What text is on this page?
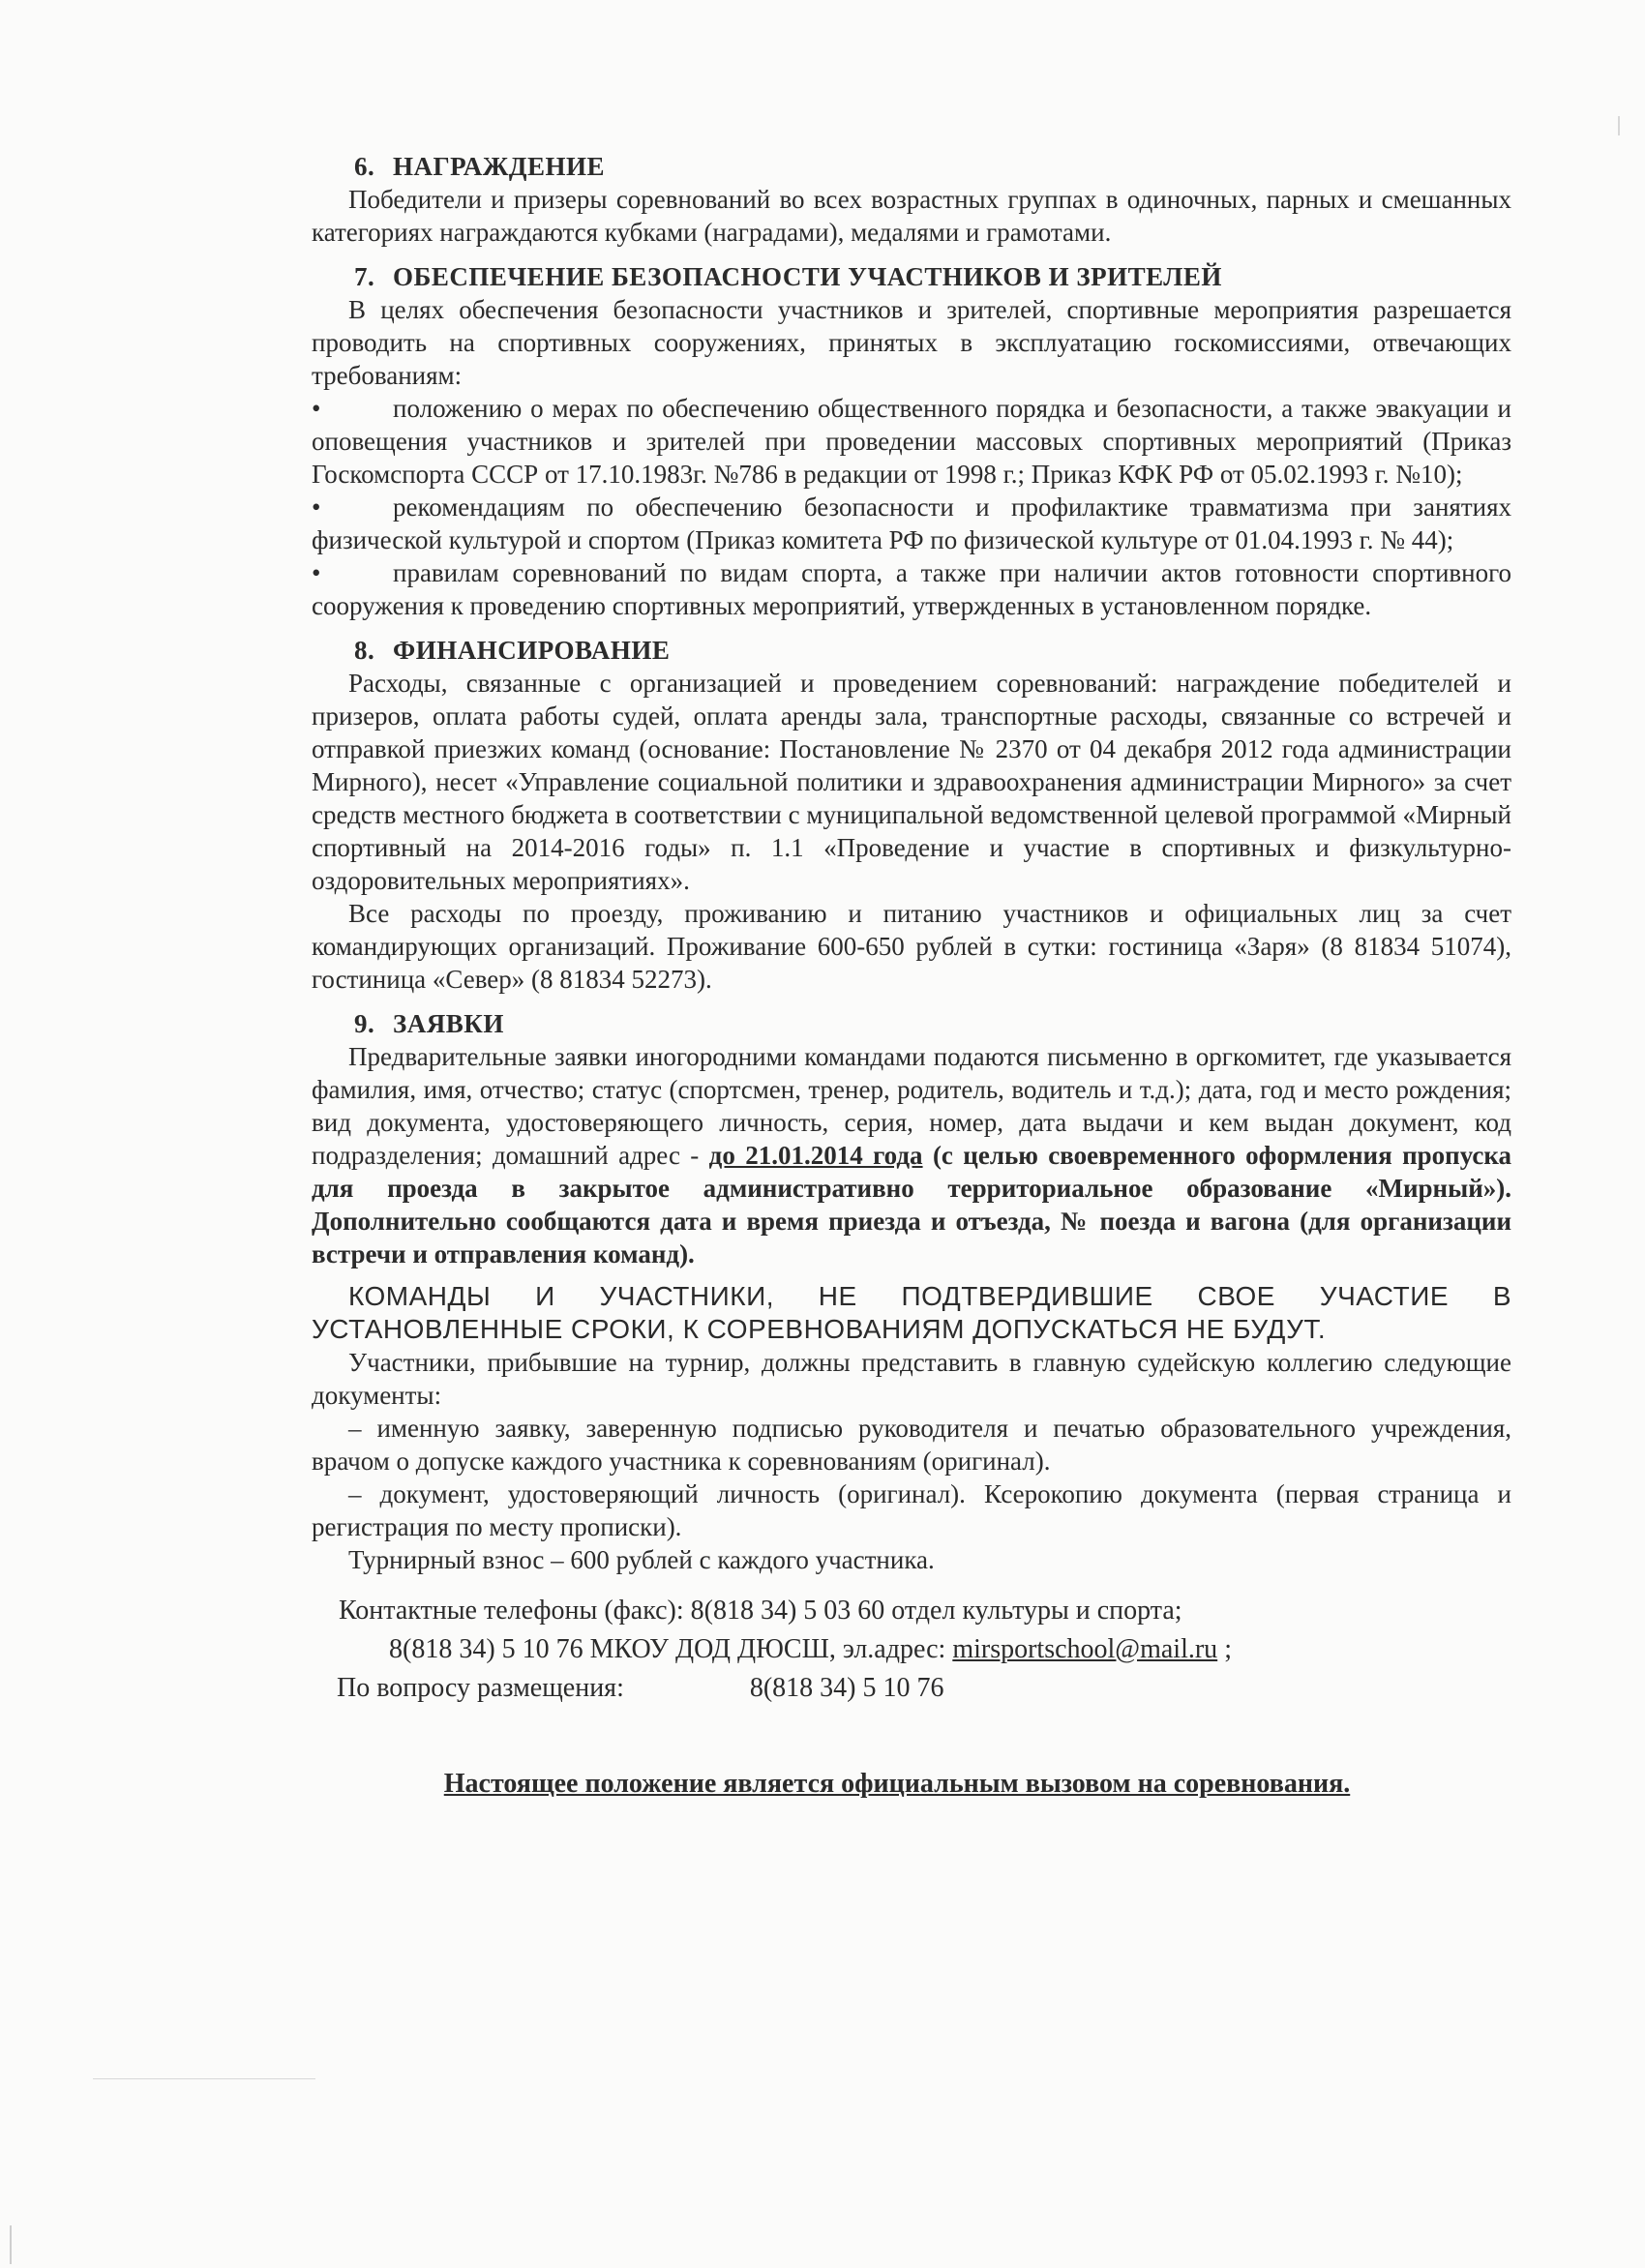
6. НАГРАЖДЕНИЕ

Победители и призеры соревнований во всех возрастных группах в одиночных, парных и смешанных категориях награждаются кубками (наградами), медалями и грамотами.

7. ОБЕСПЕЧЕНИЕ БЕЗОПАСНОСТИ УЧАСТНИКОВ И ЗРИТЕЛЕЙ

В целях обеспечения безопасности участников и зрителей, спортивные мероприятия разрешается проводить на спортивных сооружениях, принятых в эксплуатацию госкомиссиями, отвечающих требованиям:

•	положению о мерах по обеспечению общественного порядка и безопасности, а также эвакуации и оповещения участников и зрителей при проведении массовых спортивных мероприятий (Приказ Госкомспорта СССР от 17.10.1983г. №786 в редакции от 1998 г.; Приказ КФК РФ от 05.02.1993 г. №10);

•	рекомендациям по обеспечению безопасности и профилактике травматизма при занятиях физической культурой и спортом (Приказ комитета РФ по физической культуре от 01.04.1993 г. № 44);

•	правилам соревнований по видам спорта, а также при наличии актов готовности спортивного сооружения к проведению спортивных мероприятий, утвержденных в установленном порядке.

8. ФИНАНСИРОВАНИЕ

Расходы, связанные с организацией и проведением соревнований: награждение победителей и призеров, оплата работы судей, оплата аренды зала, транспортные расходы, связанные со встречей и отправкой приезжих команд (основание: Постановление № 2370 от 04 декабря 2012 года администрации Мирного), несет «Управление социальной политики и здравоохранения администрации Мирного» за счет средств местного бюджета в соответствии с муниципальной ведомственной целевой программой «Мирный спортивный на 2014-2016 годы» п. 1.1 «Проведение и участие в спортивных и физкультурно-оздоровительных мероприятиях».

Все расходы по проезду, проживанию и питанию участников и официальных лиц за счет командирующих организаций. Проживание 600-650 рублей в сутки: гостиница «Заря» (8 81834 51074), гостиница «Север» (8 81834 52273).

9. ЗАЯВКИ

Предварительные заявки иногородними командами подаются письменно в оргкомитет, где указывается фамилия, имя, отчество; статус (спортсмен, тренер, родитель, водитель и т.д.); дата, год и место рождения; вид документа, удостоверяющего личность, серия, номер, дата выдачи и кем выдан документ, код подразделения; домашний адрес - до 21.01.2014 года (с целью своевременного оформления пропуска для проезда в закрытое административно территориальное образование «Мирный»). Дополнительно сообщаются дата и время приезда и отъезда, № поезда и вагона (для организации встречи и отправления команд).

КОМАНДЫ И УЧАСТНИКИ, НЕ ПОДТВЕРДИВШИЕ СВОЕ УЧАСТИЕ В УСТАНОВЛЕННЫЕ СРОКИ, К СОРЕВНОВАНИЯМ ДОПУСКАТЬСЯ НЕ БУДУТ.

Участники, прибывшие на турнир, должны представить в главную судейскую коллегию следующие документы:

– именную заявку, заверенную подписью руководителя и печатью образовательного учреждения, врачом о допуске каждого участника к соревнованиям (оригинал).

– документ, удостоверяющий личность (оригинал). Ксерокопию документа (первая страница и регистрация по месту прописки).

Турнирный взнос – 600 рублей с каждого участника.

Контактные телефоны (факс): 8(818 34) 5 03 60 отдел культуры и спорта;
8(818 34) 5 10 76 МКОУ ДОД ДЮСШ, эл.адрес: mirsportschool@mail.ru ;
По вопросу размещения:	8(818 34) 5 10 76
Настоящее положение является официальным вызовом на соревнования.
